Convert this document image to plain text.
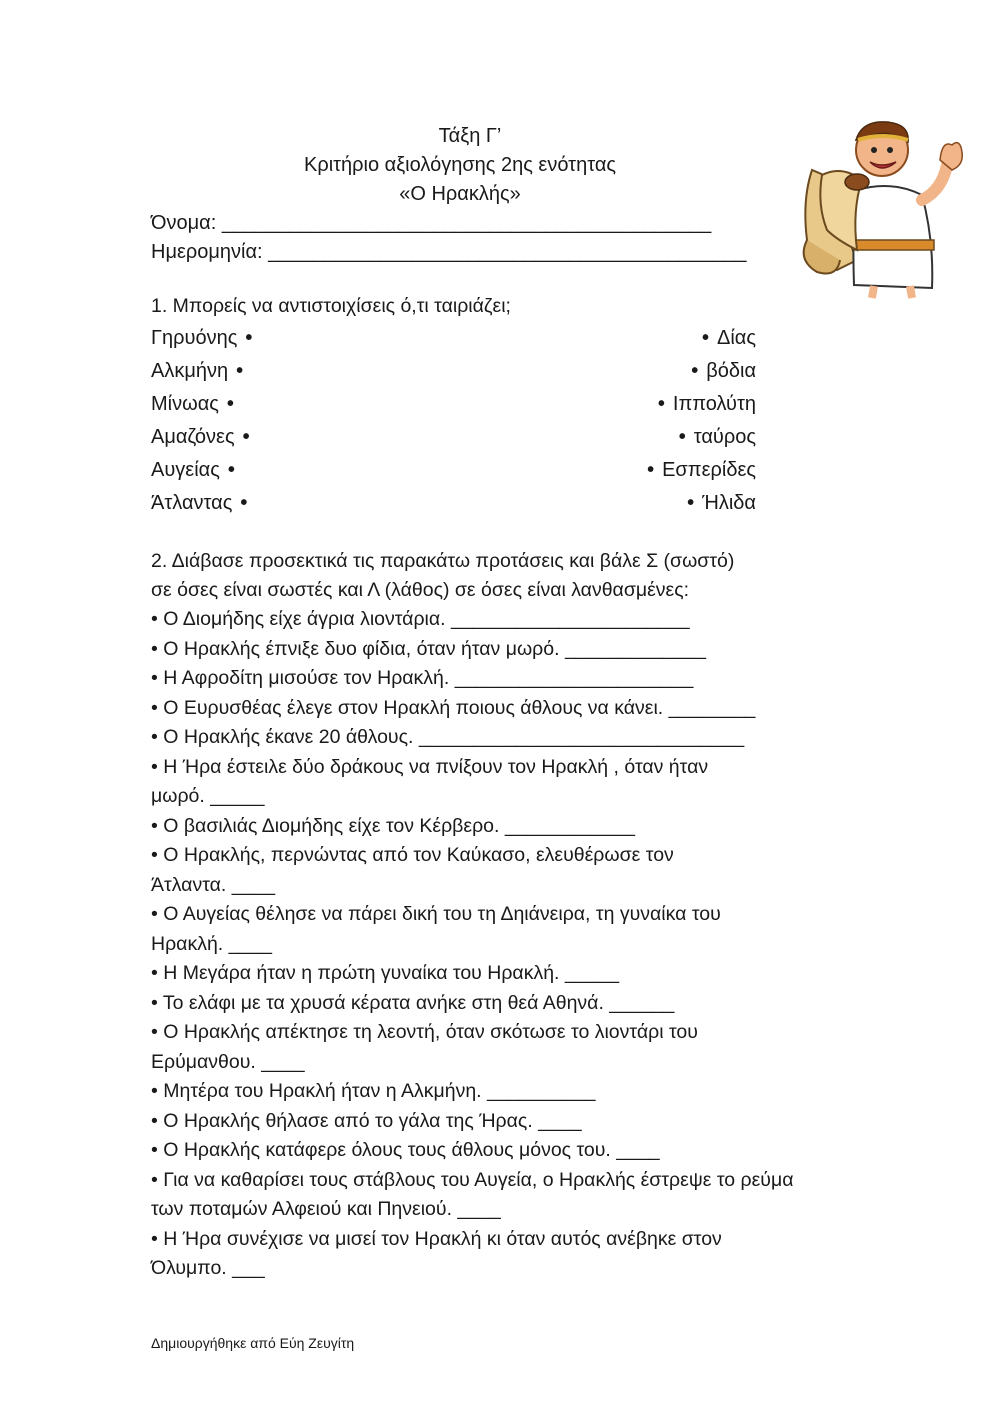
Τάξη Γ’
Κριτήριο αξιολόγησης 2ης ενότητας
«Ο Ηρακλής»
Όνομα: ____________________________________________
Ημερομηνία: ___________________________________________
1. Μπορείς να αντιστοιχίσεις ό,τι ταιριάζει;
Γηρυόνης •
Αλκμήνη •
Μίνωας •
Αμαζόνες •
Αυγείας •
Άτλαντας •
• Δίας
• βόδια
• Ιππολύτη
• ταύρος
• Εσπερίδες
• Ήλιδα
2. Διάβασε προσεκτικά τις παρακάτω προτάσεις και βάλε Σ (σωστό)
σε όσες είναι σωστές και Λ (λάθος) σε όσες είναι λανθασμένες:
• Ο Διομήδης είχε άγρια λιοντάρια. ______________________
• Ο Ηρακλής έπνιξε δυο φίδια, όταν ήταν μωρό. _____________
• Η Αφροδίτη μισούσε τον Ηρακλή. ______________________
• Ο Ευρυσθέας έλεγε στον Ηρακλή ποιους άθλους να κάνει. ________
• Ο Ηρακλής έκανε 20 άθλους. ______________________________
• Η Ήρα έστειλε δύο δράκους να πνίξουν τον Ηρακλή , όταν ήταν
μωρό. _____
• Ο βασιλιάς Διομήδης είχε τον Κέρβερο. ____________
• Ο Ηρακλής, περνώντας από τον Καύκασο, ελευθέρωσε τον
Άτλαντα. ____
• Ο Αυγείας θέλησε να πάρει δική του τη Δηιάνειρα, τη γυναίκα του
Ηρακλή. ____
• Η Μεγάρα ήταν η πρώτη γυναίκα του Ηρακλή. _____
• Το ελάφι με τα χρυσά κέρατα ανήκε στη θεά Αθηνά. ______
• Ο Ηρακλής απέκτησε τη λεοντή, όταν σκότωσε το λιοντάρι του
Ερύμανθου. ____
• Μητέρα του Ηρακλή ήταν η Αλκμήνη. __________
• Ο Ηρακλής θήλασε από το γάλα της Ήρας. ____
• Ο Ηρακλής κατάφερε όλους τους άθλους μόνος του. ____
• Για να καθαρίσει τους στάβλους του Αυγεία, ο Ηρακλής έστρεψε το ρεύμα
των ποταμών Αλφειού και Πηνειού. ____
• Η Ήρα συνέχισε να μισεί τον Ηρακλή κι όταν αυτός ανέβηκε στον
Όλυμπο. ___
Δημιουργήθηκε από Εύη Ζευγίτη
